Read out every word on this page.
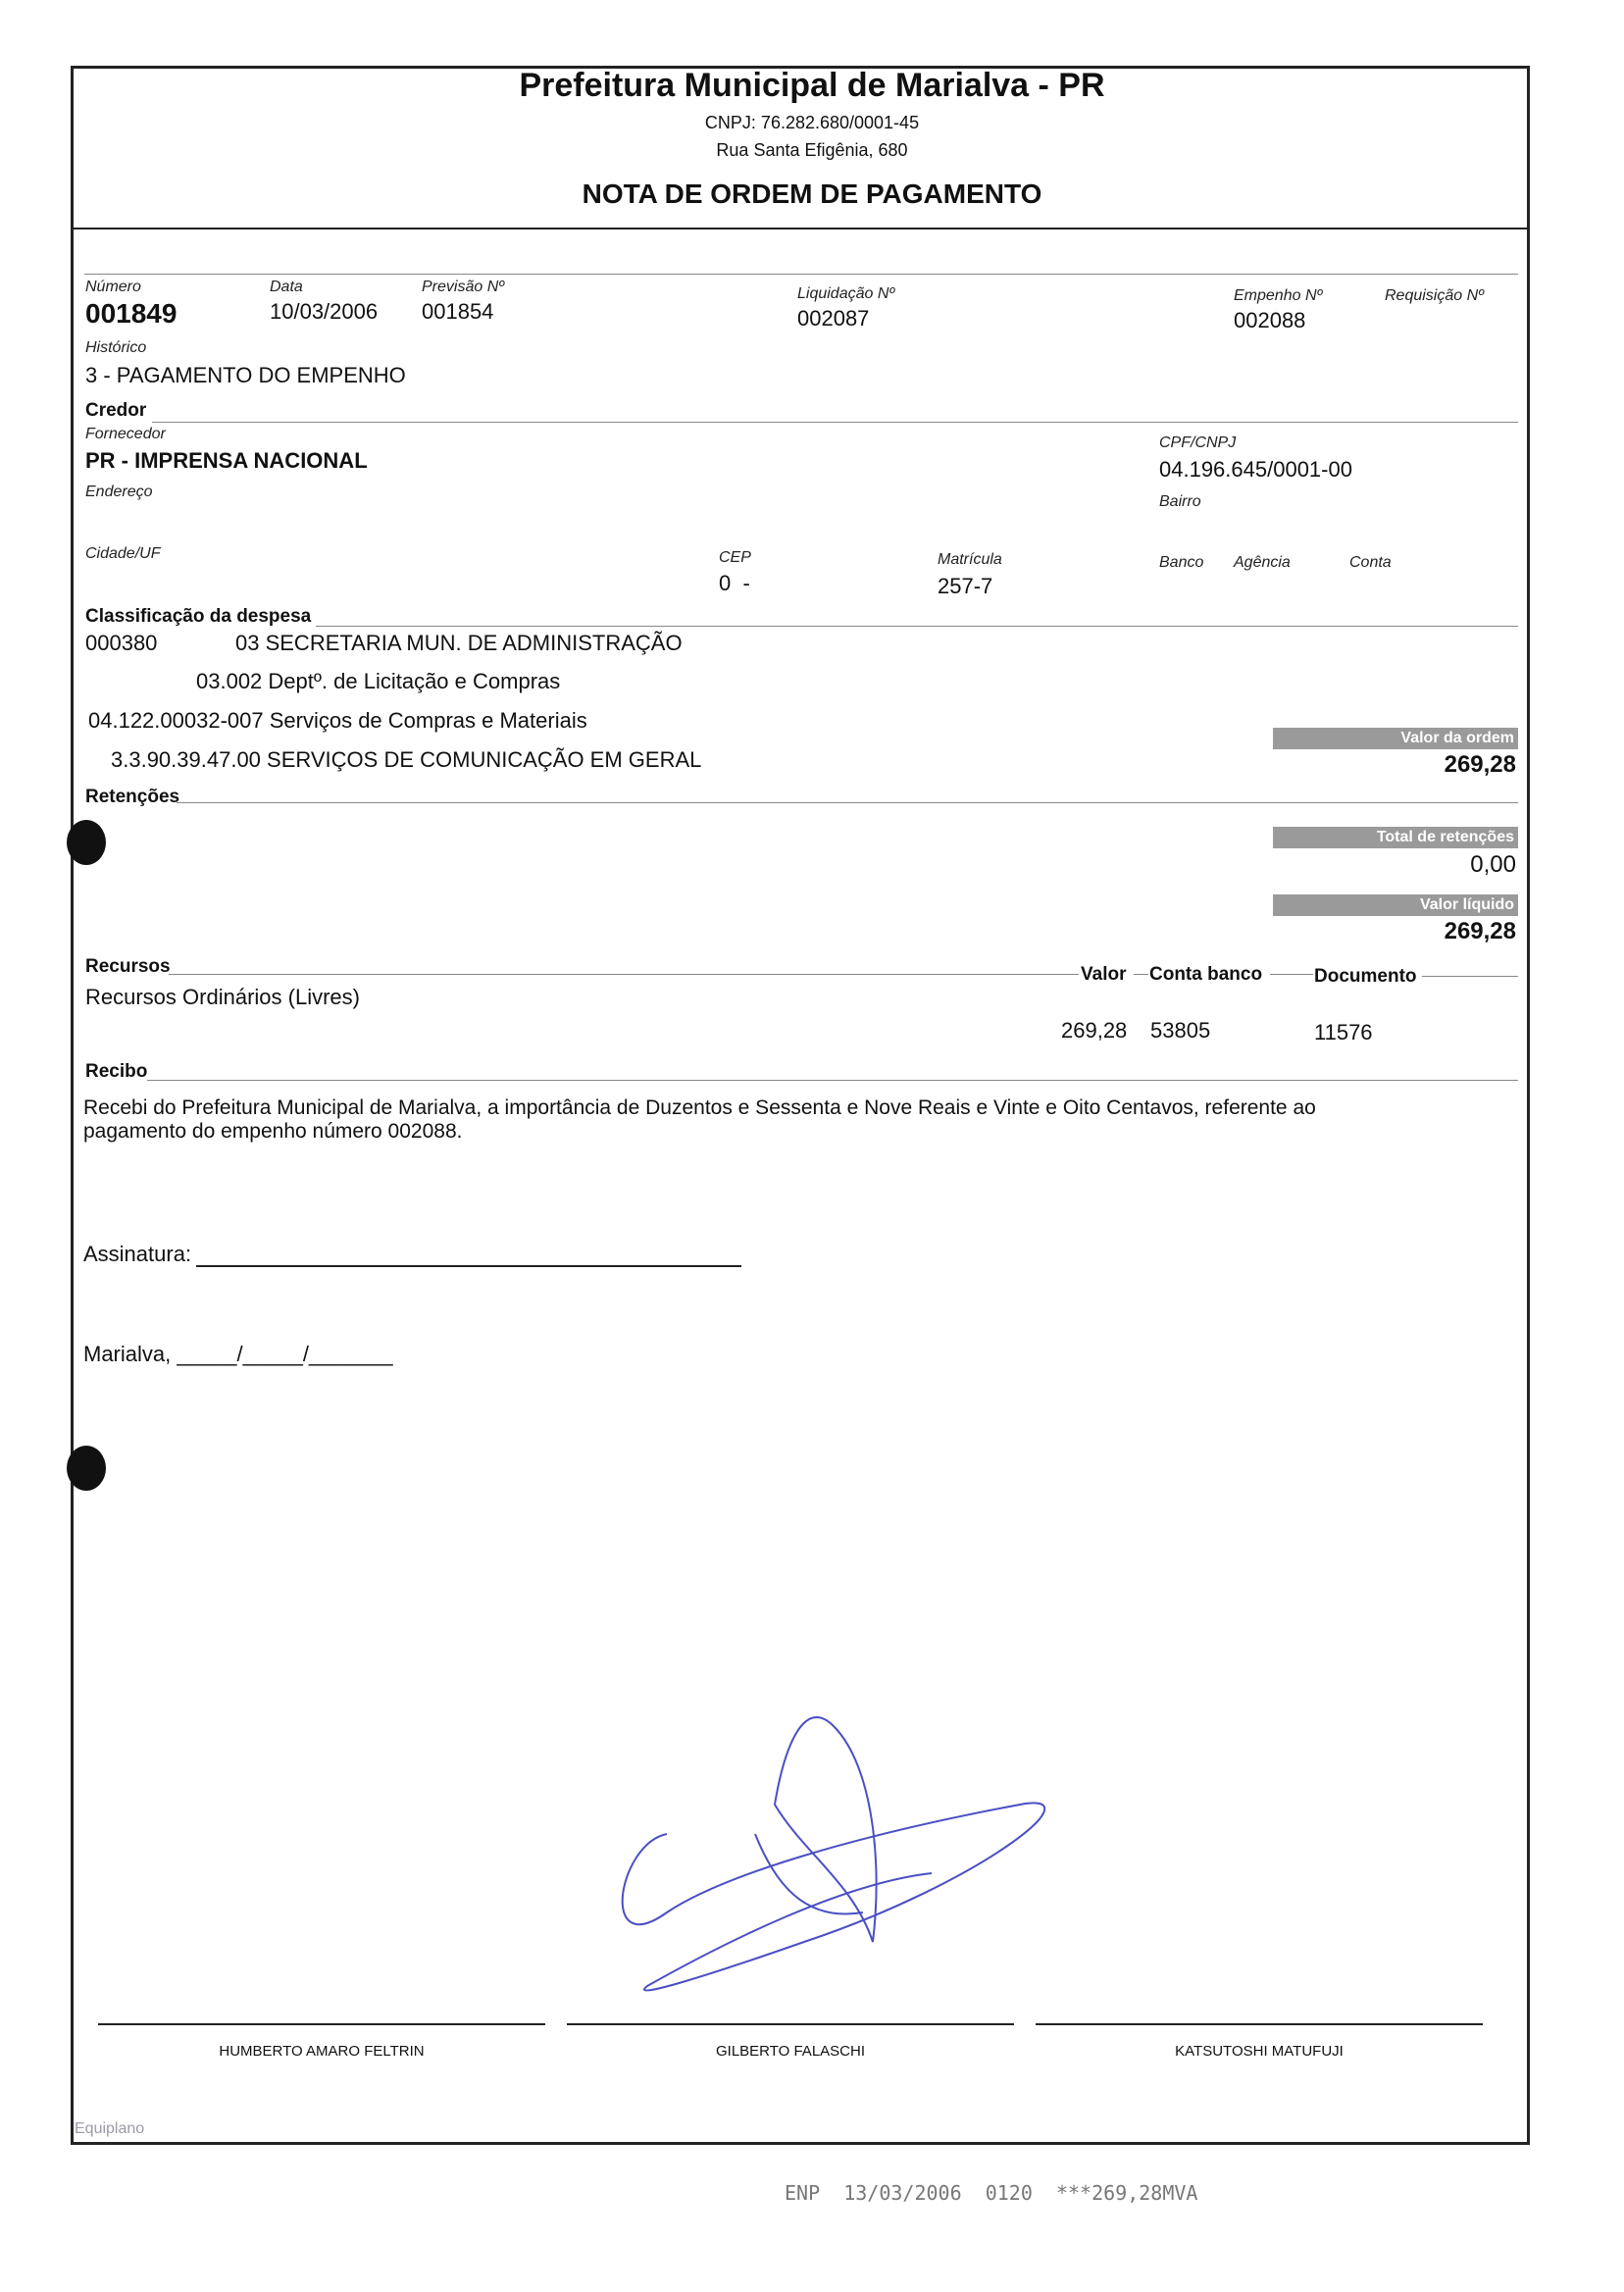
Prefeitura Municipal de Marialva - PR
CNPJ: 76.282.680/0001-45
Rua Santa Efigênia, 680
NOTA DE ORDEM DE PAGAMENTO
Número
001849
Data
10/03/2006
Previsão Nº
001854
Liquidação Nº
002087
Empenho Nº
002088
Requisição Nº
Histórico
3 - PAGAMENTO DO EMPENHO
Credor
Fornecedor
PR - IMPRENSA NACIONAL
CPF/CNPJ
04.196.645/0001-00
Endereço
Bairro
Cidade/UF	CEP
0  -
Matrícula
257-7
Banco Agência	Conta
Classificação da despesa
000380	03 SECRETARIA MUN. DE ADMINISTRAÇÃO
03.002 Deptº. de Licitação e Compras
04.122.00032-007 Serviços de Compras e Materiais
3.3.90.39.47.00 SERVIÇOS DE COMUNICAÇÃO EM GERAL
Valor da ordem
269,28
Retenções
Total de retenções
0,00
Valor líquido
269,28
Recursos	Valor Conta banco	Documento
Recursos Ordinários (Livres)
269,28 53805	11576
Recibo
Recebi do Prefeitura Municipal de Marialva, a importância de Duzentos e Sessenta e Nove Reais e Vinte e Oito Centavos, referente ao
pagamento do empenho número 002088.
Assinatura:
Marialva, _____/_____/_______
HUMBERTO AMARO FELTRIN	GILBERTO FALASCHI	KATSUTOSHI MATUFUJI
Equiplano
ENP  13/03/2006  0120  ***269,28MVA
